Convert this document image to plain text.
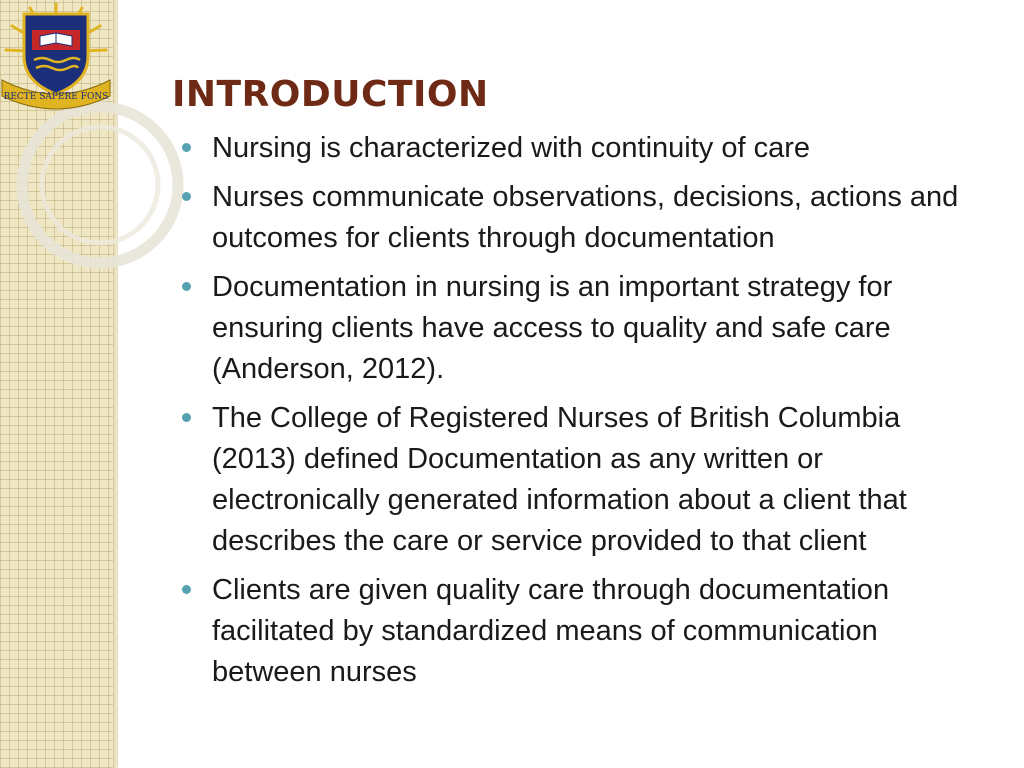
RECTE SAPERE FONS INTRODUCTION
Nursing is characterized with continuity of care
Nurses communicate observations, decisions, actions and outcomes for clients through documentation
Documentation in nursing is an important strategy for ensuring clients have access to quality and safe care (Anderson, 2012).
The College of Registered Nurses of British Columbia (2013) defined Documentation as any written or electronically generated information about a client that describes the care or service provided to that client
Clients are given quality care through documentation facilitated by standardized means of communication between nurses
